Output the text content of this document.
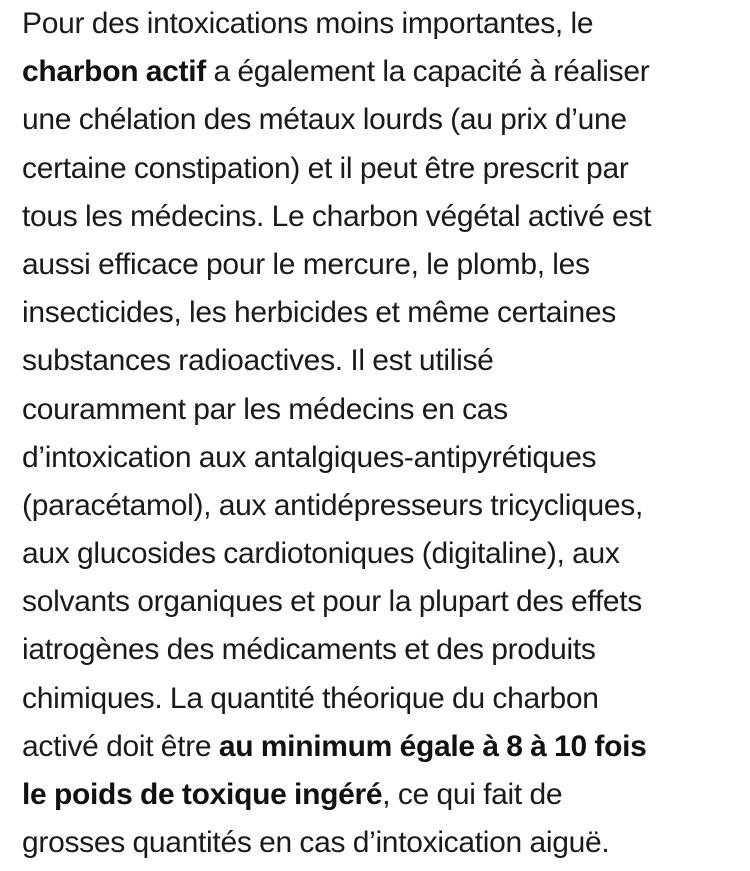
Pour des intoxications moins importantes, le
charbon actif a également la capacité à réaliser
une chélation des métaux lourds (au prix d’une
certaine constipation) et il peut être prescrit par
tous les médecins. Le charbon végétal activé est
aussi efficace pour le mercure, le plomb, les
insecticides, les herbicides et même certaines
substances radioactives. Il est utilisé
couramment par les médecins en cas
d’intoxication aux antalgiques-antipyrétiques
(paracétamol), aux antidépresseurs tricycliques,
aux glucosides cardiotoniques (digitaline), aux
solvants organiques et pour la plupart des effets
iatrogènes des médicaments et des produits
chimiques. La quantité théorique du charbon
activé doit être au minimum égale à 8 à 10 fois
le poids de toxique ingéré, ce qui fait de
grosses quantités en cas d’intoxication aiguë.
